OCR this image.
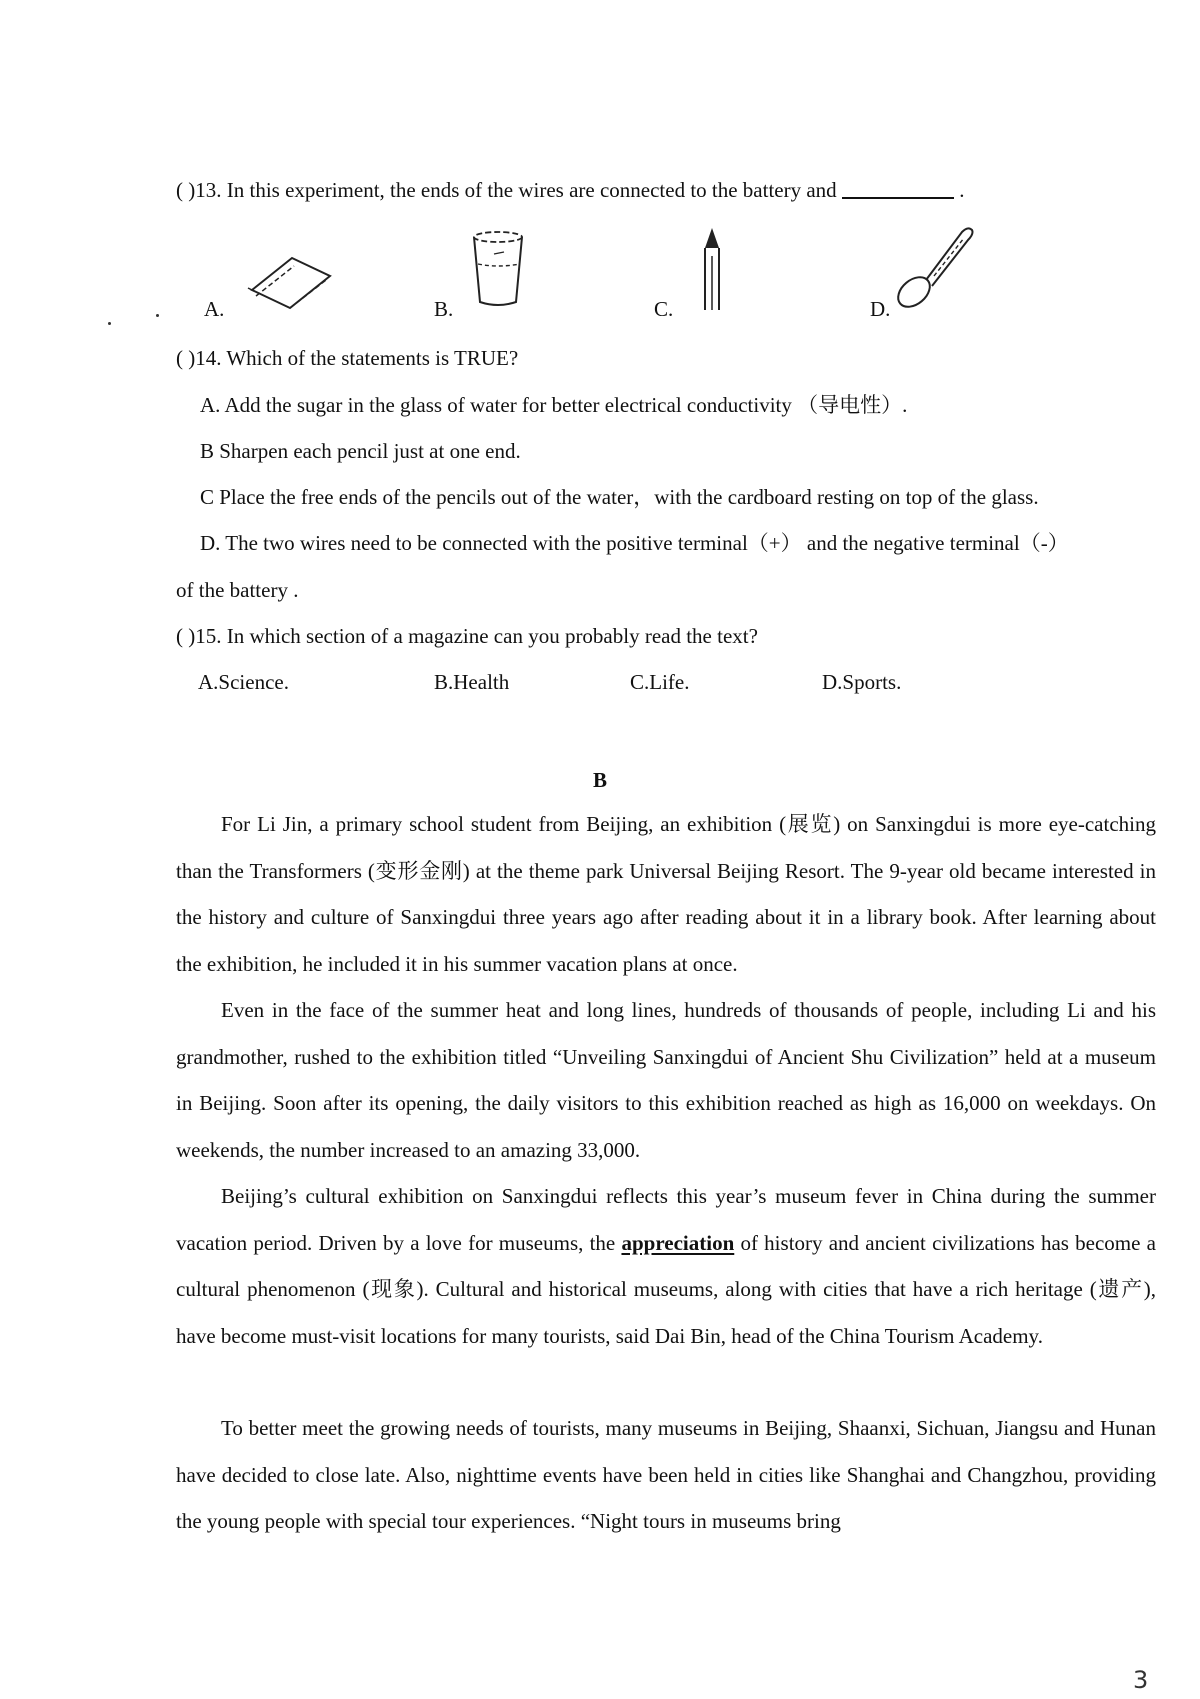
( )13. In this experiment, the ends of the wires are connected to the battery and	.
A.	B.	C.	D.
( )14. Which of the statements is TRUE?
A. Add the sugar in the glass of water for better electrical conductivity （导电性）.
B Sharpen each pencil just at one end.
C Place the free ends of the pencils out of the water，with the cardboard resting on top of the glass.
D. The two wires need to be connected with the positive terminal（+） and the negative terminal（-）
of the battery .
( )15. In which section of a magazine can you probably read the text?
A.Science.	B.Health	C.Life.	D.Sports.
B

For Li Jin, a primary school student from Beijing, an exhibition (展览) on Sanxingdui is more eye-catching than the Transformers (变形金刚) at the theme park Universal Beijing Resort. The 9-year old became interested in the history and culture of Sanxingdui three years ago after reading about it in a library book. After learning about the exhibition, he included it in his summer vacation plans at once.

Even in the face of the summer heat and long lines, hundreds of thousands of people, including Li and his grandmother, rushed to the exhibition titled “Unveiling Sanxingdui of Ancient Shu Civilization” held at a museum in Beijing. Soon after its opening, the daily visitors to this exhibition reached as high as 16,000 on weekdays. On weekends, the number increased to an amazing 33,000.

Beijing’s cultural exhibition on Sanxingdui reflects this year’s museum fever in China during the summer vacation period. Driven by a love for museums, the appreciation of history and ancient civilizations has become a cultural phenomenon (现象). Cultural and historical museums, along with cities that have a rich heritage (遗产), have become must-visit locations for many tourists, said Dai Bin, head of the China Tourism Academy.

To better meet the growing needs of tourists, many museums in Beijing, Shaanxi, Sichuan, Jiangsu and Hunan have decided to close late. Also, nighttime events have been held in cities like Shanghai and Changzhou, providing the young people with special tour experiences. “Night tours in museums bring

3
